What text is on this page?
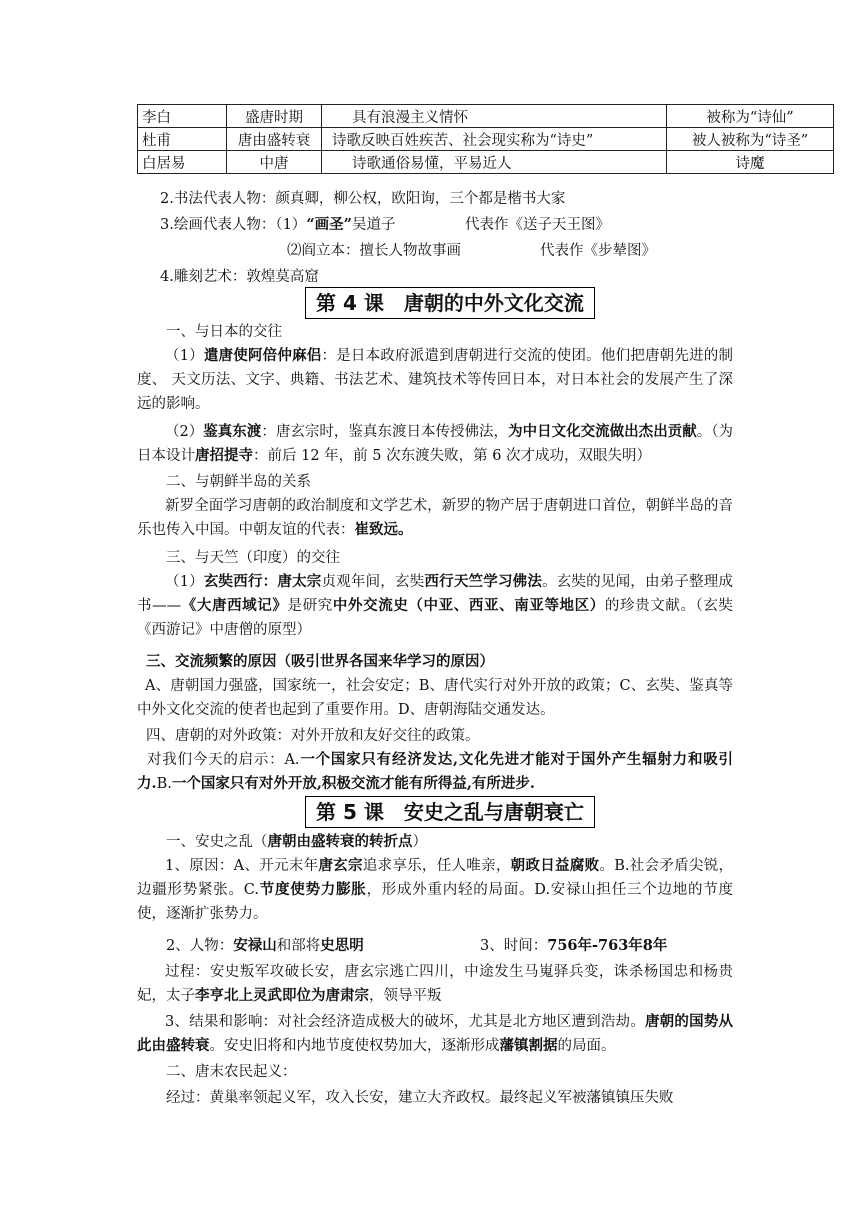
李白	盛唐时期	具有浪漫主义情怀	被称为“诗仙”
杜甫	唐由盛转衰	诗歌反映百姓疾苦、社会现实称为“诗史”	被人被称为“诗圣”
白居易	中唐	诗歌通俗易懂，平易近人	诗魔
2.书法代表人物：颜真卿，柳公权，欧阳询，三个都是楷书大家
3.绘画代表人物：（1）“画圣”吴道子	代表作《送子天王图》
⑵阎立本：擅长人物故事画	代表作《步辇图》
4.雕刻艺术：敦煌莫高窟
第 4 课　唐朝的中外文化交流
一、与日本的交往
（1）遣唐使阿倍仲麻侣：是日本政府派遣到唐朝进行交流的使团。他们把唐朝先进的制度、 天文历法、文字、典籍、书法艺术、建筑技术等传回日本，对日本社会的发展产生了深远的影响。
（2）鉴真东渡：唐玄宗时，鉴真东渡日本传授佛法，为中日文化交流做出杰出贡献。（为日本设计唐招提寺：前后 12 年，前 5 次东渡失败，第 6 次才成功，双眼失明）
二、与朝鲜半岛的关系
新罗全面学习唐朝的政治制度和文学艺术，新罗的物产居于唐朝进口首位，朝鲜半岛的音乐也传入中国。中朝友谊的代表：崔致远。
三、与天竺（印度）的交往
（1）玄奘西行：唐太宗贞观年间，玄奘西行天竺学习佛法。玄奘的见闻，由弟子整理成书——《大唐西域记》是研究中外交流史（中亚、西亚、南亚等地区）的珍贵文献。（玄奘《西游记》中唐僧的原型）
三、交流频繁的原因（吸引世界各国来华学习的原因）
A、唐朝国力强盛，国家统一，社会安定；B、唐代实行对外开放的政策；C、玄奘、鉴真等中外文化交流的使者也起到了重要作用。D、唐朝海陆交通发达。
四、唐朝的对外政策：对外开放和友好交往的政策。
对我们今天的启示：A.一个国家只有经济发达,文化先进才能对于国外产生辐射力和吸引力.B.一个国家只有对外开放,积极交流才能有所得益,有所进步.
第 5 课　安史之乱与唐朝衰亡
一、安史之乱（唐朝由盛转衰的转折点）
1、原因：A、开元末年唐玄宗追求享乐，任人唯亲，朝政日益腐败。B.社会矛盾尖锐，边疆形势紧张。C.节度使势力膨胀，形成外重内轻的局面。D.安禄山担任三个边地的节度使，逐渐扩张势力。
2、人物：安禄山和部将史思明	3、时间：756年-763年8年
过程：安史叛军攻破长安，唐玄宗逃亡四川，中途发生马嵬驿兵变，诛杀杨国忠和杨贵妃，太子李亨北上灵武即位为唐肃宗，领导平叛
3、结果和影响：对社会经济造成极大的破坏，尤其是北方地区遭到浩劫。唐朝的国势从此由盛转衰。安史旧将和内地节度使权势加大，逐渐形成藩镇割据的局面。
二、唐末农民起义：
经过：黄巢率领起义军，攻入长安，建立大齐政权。最终起义军被藩镇镇压失败
